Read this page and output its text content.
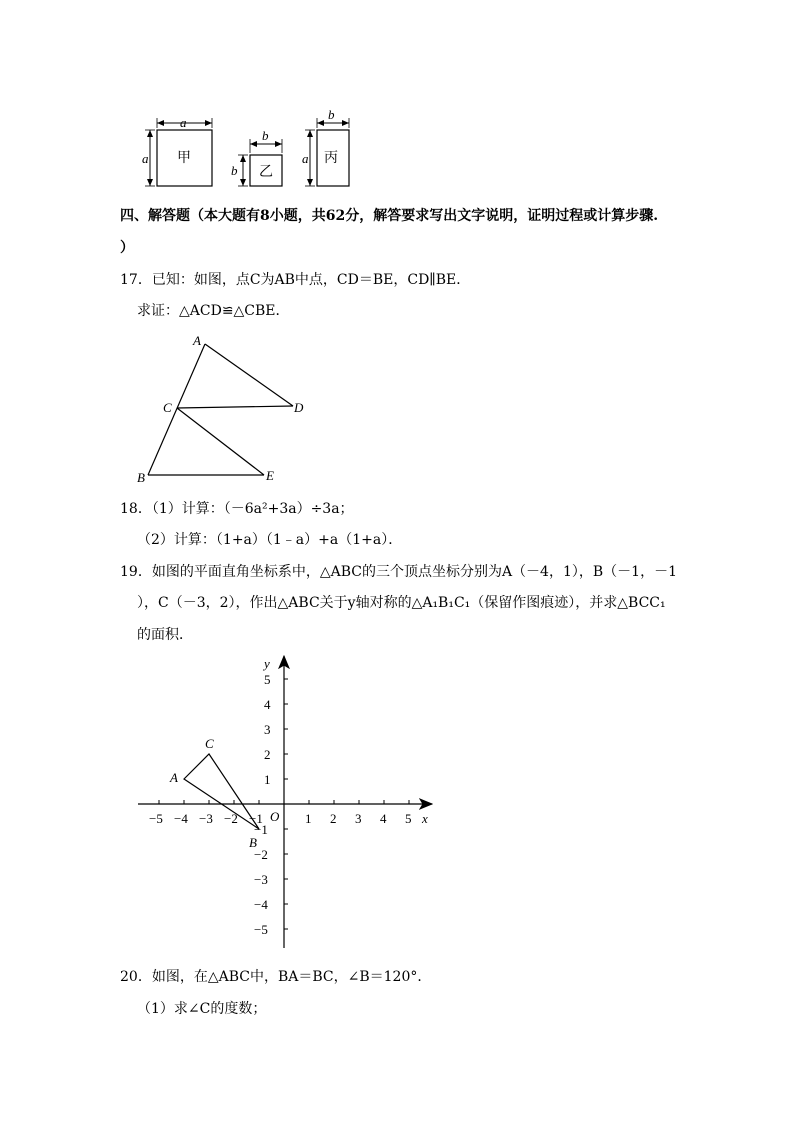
a
a 甲
b
b 乙
b
a 丙
四、解答题（本大题有8小题，共62分，解答要求写出文字说明，证明过程或计算步骤.
）
17．已知：如图，点C为AB中点，CD＝BE，CD∥BE．
求证：△ACD≌△CBE．
A
C	D
B	E
18．（1）计算：（－6a²+3a）÷3a；
（2）计算：（1+a）（1﹣a）+a（1+a）．
19．如图的平面直角坐标系中，△ABC的三个顶点坐标分别为A（－4，1），B（－1，－1
），C（－3，2），作出△ABC关于y轴对称的△A₁B₁C₁（保留作图痕迹），并求△BCC₁
的面积．
−5 −4 −3 −2 −1	1 2 3 4 5
5
4
3
2
1
−1
−2
−3
−4
−5
A
B
C
x
y
O
20．如图，在△ABC中，BA＝BC，∠B＝120°．
（1）求∠C的度数；
